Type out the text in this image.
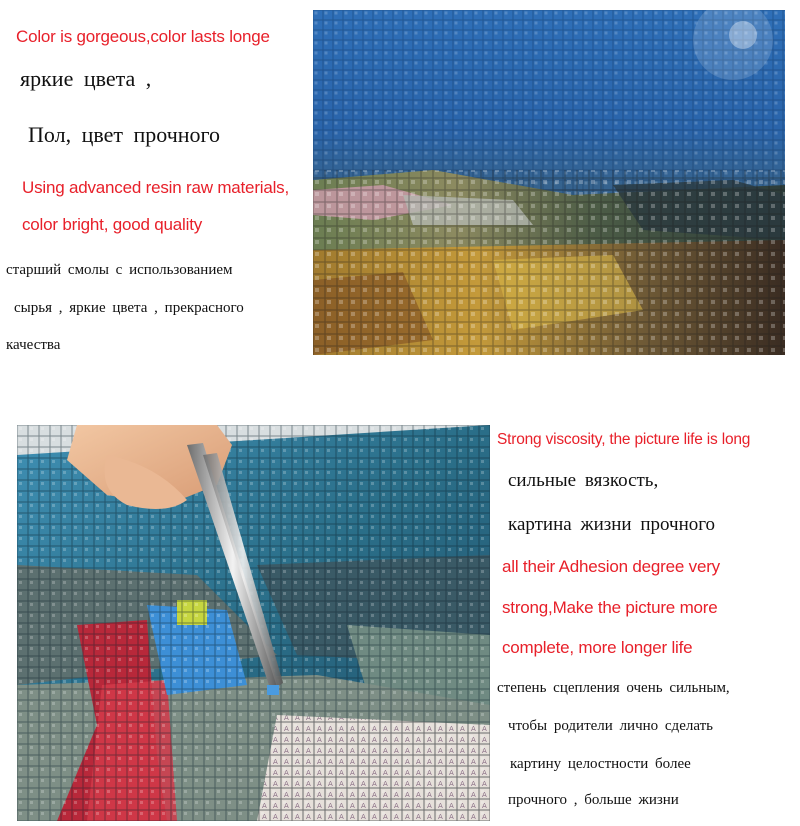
Color is gorgeous,color lasts longe

яркие цвета ,

Пол, цвет прочного

Using advanced resin raw materials,

color bright, good quality

старший смолы с использованием

сырья , яркие цвета , прекрасного

качества

Strong viscosity, the picture life is long

сильные вязкость,

картина жизни прочного

all their Adhesion degree very

strong,Make the picture more

complete, more longer life

степень сцепления очень сильным,

чтобы родители лично сделать

картину целостности более

прочного , больше жизни
